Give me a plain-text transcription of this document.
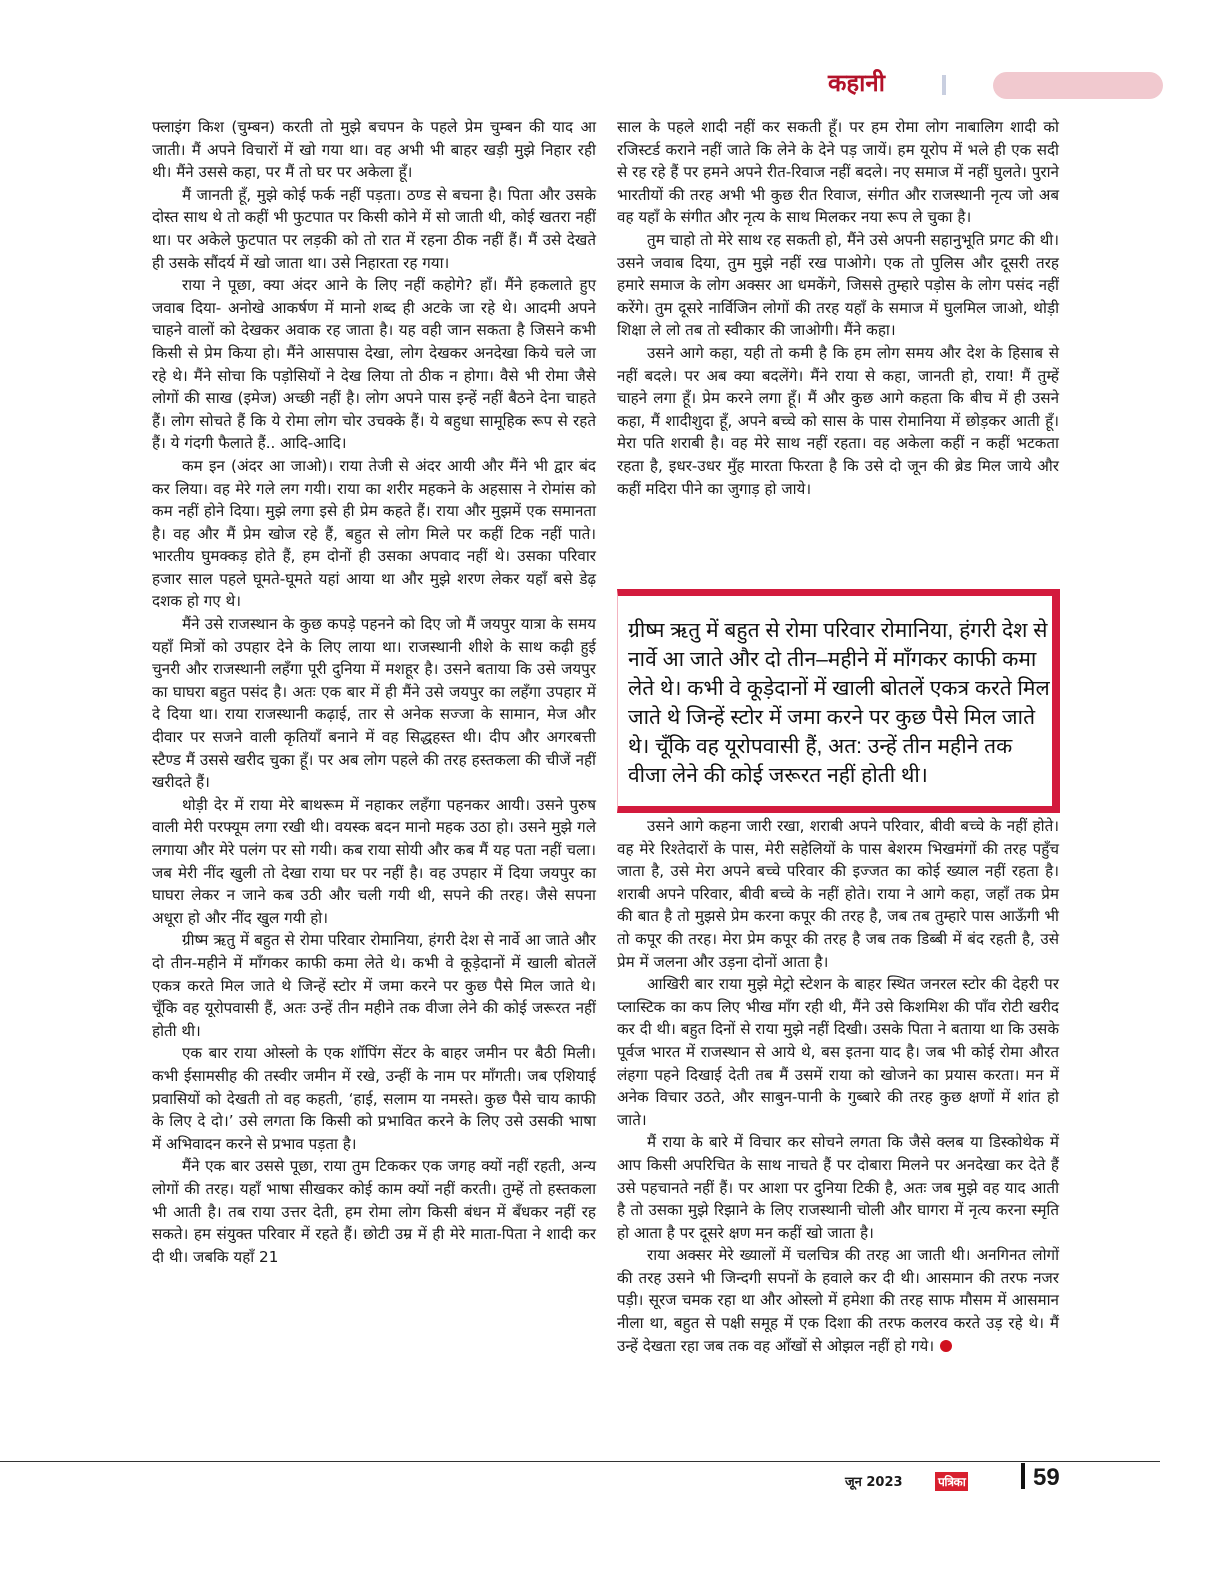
कहानी

फ्लाइंग किश (चुम्बन) करती तो मुझे बचपन के पहले प्रेम चुम्बन की याद आ जाती। मैं अपने विचारों में खो गया था। वह अभी भी बाहर खड़ी मुझे निहार रही थी। मैंने उससे कहा, पर मैं तो घर पर अकेला हूँ।

मैं जानती हूँ, मुझे कोई फर्क नहीं पड़ता। ठण्ड से बचना है। पिता और उसके दोस्त साथ थे तो कहीं भी फुटपात पर किसी कोने में सो जाती थी, कोई खतरा नहीं था। पर अकेले फुटपात पर लड़की को तो रात में रहना ठीक नहीं हैं। मैं उसे देखते ही उसके सौंदर्य में खो जाता था। उसे निहारता रह गया।

राया ने पूछा, क्या अंदर आने के लिए नहीं कहोगे? हाँ। मैंने हकलाते हुए जवाब दिया- अनोखे आकर्षण में मानो शब्द ही अटके जा रहे थे। आदमी अपने चाहने वालों को देखकर अवाक रह जाता है। यह वही जान सकता है जिसने कभी किसी से प्रेम किया हो। मैंने आसपास देखा, लोग देखकर अनदेखा किये चले जा रहे थे। मैंने सोचा कि पड़ोसियों ने देख लिया तो ठीक न होगा। वैसे भी रोमा जैसे लोगों की साख (इमेज) अच्छी नहीं है। लोग अपने पास इन्हें नहीं बैठने देना चाहते हैं। लोग सोचते हैं कि ये रोमा लोग चोर उचक्के हैं। ये बहुधा सामूहिक रूप से रहते हैं। ये गंदगी फैलाते हैं.. आदि-आदि।

कम इन (अंदर आ जाओ)। राया तेजी से अंदर आयी और मैंने भी द्वार बंद कर लिया। वह मेरे गले लग गयी। राया का शरीर महकने के अहसास ने रोमांस को कम नहीं होने दिया। मुझे लगा इसे ही प्रेम कहते हैं। राया और मुझमें एक समानता है। वह और मैं प्रेम खोज रहे हैं, बहुत से लोग मिले पर कहीं टिक नहीं पाते। भारतीय घुमक्कड़ होते हैं, हम दोनों ही उसका अपवाद नहीं थे। उसका परिवार हजार साल पहले घूमते-घूमते यहां आया था और मुझे शरण लेकर यहाँ बसे डेढ़ दशक हो गए थे।

मैंने उसे राजस्थान के कुछ कपड़े पहनने को दिए जो मैं जयपुर यात्रा के समय यहाँ मित्रों को उपहार देने के लिए लाया था। राजस्थानी शीशे के साथ कढ़ी हुई चुनरी और राजस्थानी लहँगा पूरी दुनिया में मशहूर है। उसने बताया कि उसे जयपुर का घाघरा बहुत पसंद है। अतः एक बार में ही मैंने उसे जयपुर का लहँगा उपहार में दे दिया था। राया राजस्थानी कढ़ाई, तार से अनेक सज्जा के सामान, मेज और दीवार पर सजने वाली कृतियाँ बनाने में वह सिद्धहस्त थी। दीप और अगरबत्ती स्टैण्ड मैं उससे खरीद चुका हूँ। पर अब लोग पहले की तरह हस्तकला की चीजें नहीं खरीदते हैं।

थोड़ी देर में राया मेरे बाथरूम में नहाकर लहँगा पहनकर आयी। उसने पुरुष वाली मेरी परफ्यूम लगा रखी थी। वयस्क बदन मानो महक उठा हो। उसने मुझे गले लगाया और मेरे पलंग पर सो गयी। कब राया सोयी और कब मैं यह पता नहीं चला। जब मेरी नींद खुली तो देखा राया घर पर नहीं है। वह उपहार में दिया जयपुर का घाघरा लेकर न जाने कब उठी और चली गयी थी, सपने की तरह। जैसे सपना अधूरा हो और नींद खुल गयी हो।

ग्रीष्म ऋतु में बहुत से रोमा परिवार रोमानिया, हंगरी देश से नार्वे आ जाते और दो तीन-महीने में माँगकर काफी कमा लेते थे। कभी वे कूड़ेदानों में खाली बोतलें एकत्र करते मिल जाते थे जिन्हें स्टोर में जमा करने पर कुछ पैसे मिल जाते थे। चूँकि वह यूरोपवासी हैं, अतः उन्हें तीन महीने तक वीजा लेने की कोई जरूरत नहीं होती थी।

एक बार राया ओस्लो के एक शॉपिंग सेंटर के बाहर जमीन पर बैठी मिली। कभी ईसामसीह की तस्वीर जमीन में रखे, उन्हीं के नाम पर माँगती। जब एशियाई प्रवासियों को देखती तो वह कहती, ‘हाई, सलाम या नमस्ते। कुछ पैसे चाय काफी के लिए दे दो।’ उसे लगता कि किसी को प्रभावित करने के लिए उसे उसकी भाषा में अभिवादन करने से प्रभाव पड़ता है।

मैंने एक बार उससे पूछा, राया तुम टिककर एक जगह क्यों नहीं रहती, अन्य लोगों की तरह। यहाँ भाषा सीखकर कोई काम क्यों नहीं करती। तुम्हें तो हस्तकला भी आती है। तब राया उत्तर देती, हम रोमा लोग किसी बंधन में बँधकर नहीं रह सकते। हम संयुक्त परिवार में रहते हैं। छोटी उम्र में ही मेरे माता-पिता ने शादी कर दी थी। जबकि यहाँ 21

साल के पहले शादी नहीं कर सकती हूँ। पर हम रोमा लोग नाबालिग शादी को रजिस्टर्ड कराने नहीं जाते कि लेने के देने पड़ जायें। हम यूरोप में भले ही एक सदी से रह रहे हैं पर हमने अपने रीत-रिवाज नहीं बदले। नए समाज में नहीं घुलते। पुराने भारतीयों की तरह अभी भी कुछ रीत रिवाज, संगीत और राजस्थानी नृत्य जो अब वह यहाँ के संगीत और नृत्य के साथ मिलकर नया रूप ले चुका है।

तुम चाहो तो मेरे साथ रह सकती हो, मैंने उसे अपनी सहानुभूति प्रगट की थी। उसने जवाब दिया, तुम मुझे नहीं रख पाओगे। एक तो पुलिस और दूसरी तरह हमारे समाज के लोग अक्सर आ धमकेंगे, जिससे तुम्हारे पड़ोस के लोग पसंद नहीं करेंगे। तुम दूसरे नार्विजिन लोगों की तरह यहाँ के समाज में घुलमिल जाओ, थोड़ी शिक्षा ले लो तब तो स्वीकार की जाओगी। मैंने कहा।

उसने आगे कहा, यही तो कमी है कि हम लोग समय और देश के हिसाब से नहीं बदले। पर अब क्या बदलेंगे। मैंने राया से कहा, जानती हो, राया! मैं तुम्हें चाहने लगा हूँ। प्रेम करने लगा हूँ। मैं और कुछ आगे कहता कि बीच में ही उसने कहा, मैं शादीशुदा हूँ, अपने बच्चे को सास के पास रोमानिया में छोड़कर आती हूँ। मेरा पति शराबी है। वह मेरे साथ नहीं रहता। वह अकेला कहीं न कहीं भटकता रहता है, इधर-उधर मुँह मारता फिरता है कि उसे दो जून की ब्रेड मिल जाये और कहीं मदिरा पीने का जुगाड़ हो जाये।

ग्रीष्म ऋतु में बहुत से रोमा परिवार रोमानिया, हंगरी देश से नार्वे आ जाते और दो तीन–महीने में माँगकर काफी कमा लेते थे। कभी वे कूड़ेदानों में खाली बोतलें एकत्र करते मिल जाते थे जिन्हें स्टोर में जमा करने पर कुछ पैसे मिल जाते थे। चूँकि वह यूरोपवासी हैं, अत: उन्हें तीन महीने तक वीजा लेने की कोई जरूरत नहीं होती थी।

उसने आगे कहना जारी रखा, शराबी अपने परिवार, बीवी बच्चे के नहीं होते। वह मेरे रिश्तेदारों के पास, मेरी सहेलियों के पास बेशरम भिखमंगों की तरह पहुँच जाता है, उसे मेरा अपने बच्चे परिवार की इज्जत का कोई ख्याल नहीं रहता है। शराबी अपने परिवार, बीवी बच्चे के नहीं होते। राया ने आगे कहा, जहाँ तक प्रेम की बात है तो मुझसे प्रेम करना कपूर की तरह है, जब तब तुम्हारे पास आऊँगी भी तो कपूर की तरह। मेरा प्रेम कपूर की तरह है जब तक डिब्बी में बंद रहती है, उसे प्रेम में जलना और उड़ना दोनों आता है।

आखिरी बार राया मुझे मेट्रो स्टेशन के बाहर स्थित जनरल स्टोर की देहरी पर प्लास्टिक का कप लिए भीख माँग रही थी, मैंने उसे किशमिश की पाँव रोटी खरीद कर दी थी। बहुत दिनों से राया मुझे नहीं दिखी। उसके पिता ने बताया था कि उसके पूर्वज भारत में राजस्थान से आये थे, बस इतना याद है। जब भी कोई रोमा औरत लंहगा पहने दिखाई देती तब मैं उसमें राया को खोजने का प्रयास करता। मन में अनेक विचार उठते, और साबुन-पानी के गुब्बारे की तरह कुछ क्षणों में शांत हो जाते।

मैं राया के बारे में विचार कर सोचने लगता कि जैसे क्लब या डिस्कोथेक में आप किसी अपरिचित के साथ नाचते हैं पर दोबारा मिलने पर अनदेखा कर देते हैं उसे पहचानते नहीं हैं। पर आशा पर दुनिया टिकी है, अतः जब मुझे वह याद आती है तो उसका मुझे रिझाने के लिए राजस्थानी चोली और घागरा में नृत्य करना स्मृति हो आता है पर दूसरे क्षण मन कहीं खो जाता है।

राया अक्सर मेरे ख्यालों में चलचित्र की तरह आ जाती थी। अनगिनत लोगों की तरह उसने भी जिन्दगी सपनों के हवाले कर दी थी। आसमान की तरफ नजर पड़ी। सूरज चमक रहा था और ओस्लो में हमेशा की तरह साफ मौसम में आसमान नीला था, बहुत से पक्षी समूह में एक दिशा की तरफ कलरव करते उड़ रहे थे। मैं उन्हें देखता रहा जब तक वह आँखों से ओझल नहीं हो गये।

जून 2023	पत्रिका	59
